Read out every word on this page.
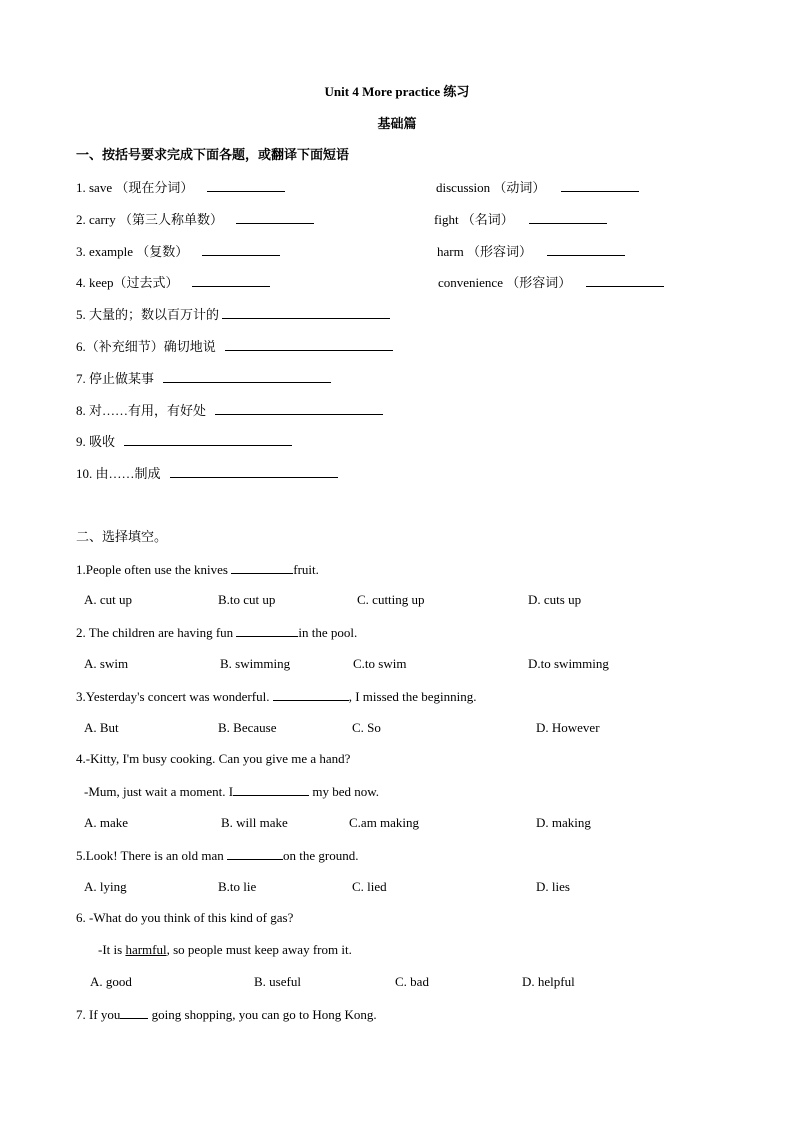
Unit 4 More practice 练习
基础篇
一、按括号要求完成下面各题，或翻译下面短语
1. save （现在分词）	discussion （动词）
2. carry （第三人称单数）	fight （名词）
3. example （复数）	harm （形容词）
4. keep（过去式）	convenience （形容词）
5. 大量的；数以百万计的
6.（补充细节）确切地说
7. 停止做某事
8. 对……有用，有好处
9. 吸收
10. 由……制成
二、选择填空。
1.People often use the knives	fruit.
A. cut up	B.to cut up	C. cutting up	D. cuts up
2. The children are having fun	in the pool.
A. swim	B. swimming	C.to swim	D.to swimming
3.Yesterday's concert was wonderful.	, I missed the beginning.
A. But	B. Because	C. So	D. However
4.-Kitty, I'm busy cooking. Can you give me a hand?
-Mum, just wait a moment. I	my bed now.
A. make	B. will make	C.am making	D. making
5.Look! There is an old man	on the ground.
A. lying	B.to lie	C. lied	D. lies
6. -What do you think of this kind of gas?
-It is harmful, so people must keep away from it.
A. good	B. useful	C. bad	D. helpful
7. If you going shopping, you can go to Hong Kong.
